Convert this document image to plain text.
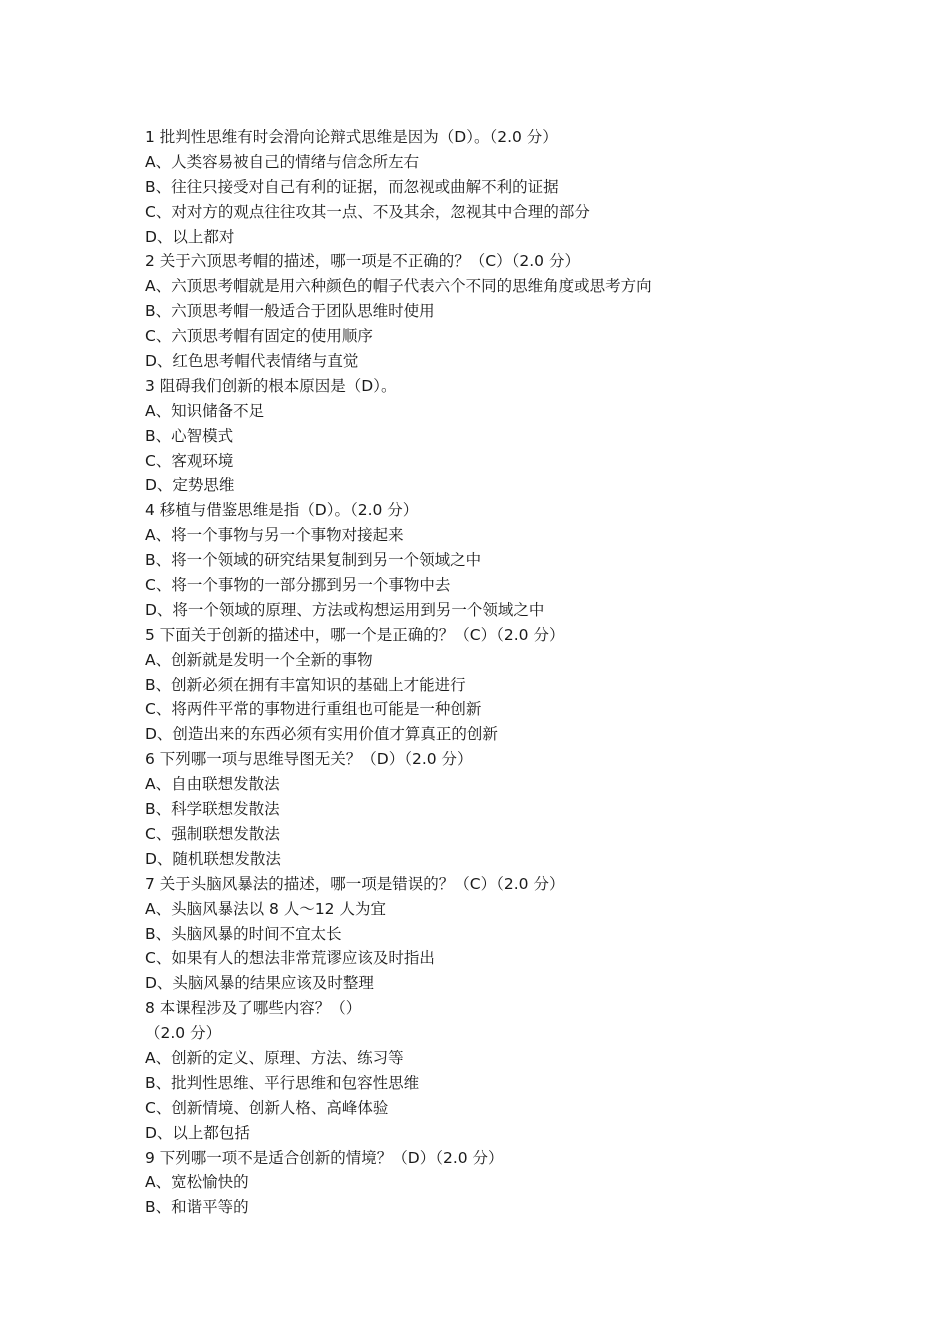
1 批判性思维有时会滑向论辩式思维是因为（D）。（2.0 分）
A、人类容易被自己的情绪与信念所左右
B、往往只接受对自己有利的证据，而忽视或曲解不利的证据
C、对对方的观点往往攻其一点、不及其余，忽视其中合理的部分
D、以上都对
2 关于六顶思考帽的描述，哪一项是不正确的？（C）（2.0 分）
A、六顶思考帽就是用六种颜色的帽子代表六个不同的思维角度或思考方向
B、六顶思考帽一般适合于团队思维时使用
C、六顶思考帽有固定的使用顺序
D、红色思考帽代表情绪与直觉
3 阻碍我们创新的根本原因是（D）。
A、知识储备不足
B、心智模式
C、客观环境
D、定势思维
4 移植与借鉴思维是指（D）。（2.0 分）
A、将一个事物与另一个事物对接起来
B、将一个领域的研究结果复制到另一个领域之中
C、将一个事物的一部分挪到另一个事物中去
D、将一个领域的原理、方法或构想运用到另一个领域之中
5 下面关于创新的描述中，哪一个是正确的？（C）（2.0 分）
A、创新就是发明一个全新的事物
B、创新必须在拥有丰富知识的基础上才能进行
C、将两件平常的事物进行重组也可能是一种创新
D、创造出来的东西必须有实用价值才算真正的创新
6 下列哪一项与思维导图无关？（D）（2.0 分）
A、自由联想发散法
B、科学联想发散法
C、强制联想发散法
D、随机联想发散法
7 关于头脑风暴法的描述，哪一项是错误的？（C）（2.0 分）
A、头脑风暴法以 8 人～12 人为宜
B、头脑风暴的时间不宜太长
C、如果有人的想法非常荒谬应该及时指出
D、头脑风暴的结果应该及时整理
8 本课程涉及了哪些内容？（）
（2.0 分）
A、创新的定义、原理、方法、练习等
B、批判性思维、平行思维和包容性思维
C、创新情境、创新人格、高峰体验
D、以上都包括
9 下列哪一项不是适合创新的情境？（D）（2.0 分）
A、宽松愉快的
B、和谐平等的
